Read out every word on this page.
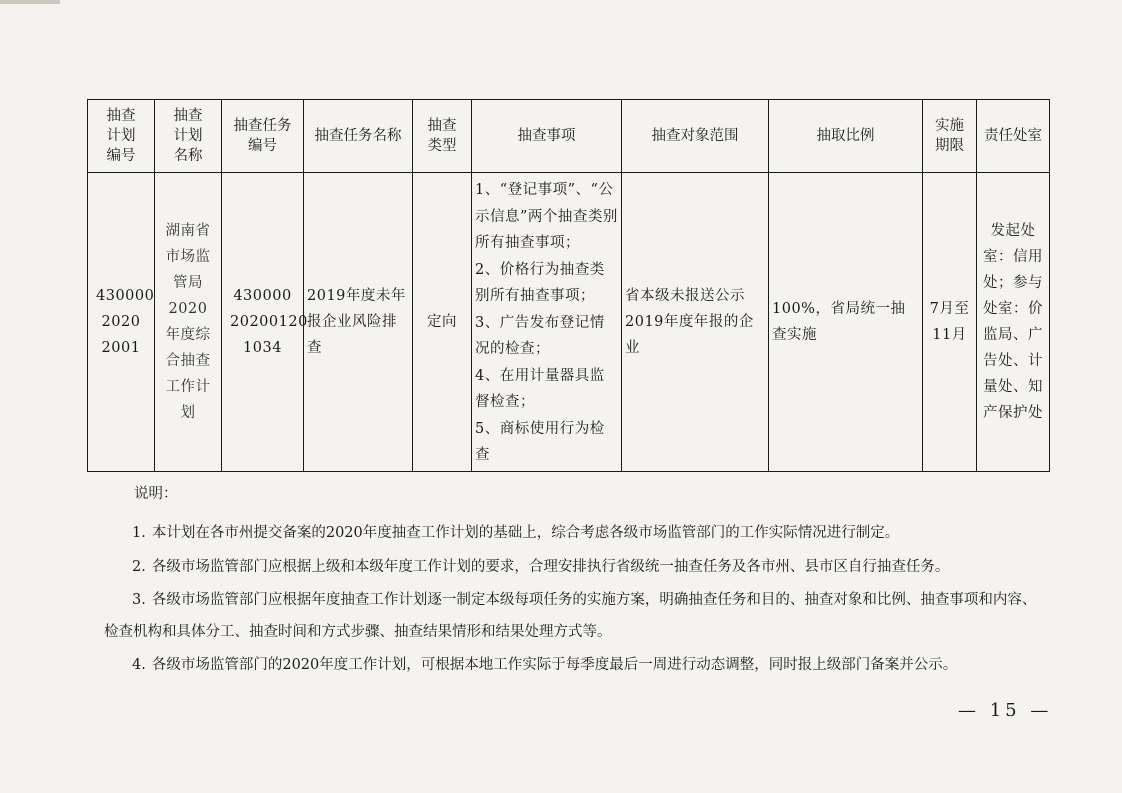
抽查计划编号	抽查计划名称	抽查任务编号	抽查任务名称	抽查类型	抽查事项	抽查对象范围	抽取比例	实施期限	责任处室
430000 2020 2001	湖南省市场监管局2020年度综合抽查工作计划	430000 20200120 1034	2019年度未年报企业风险排查	定向	1、“登记事项”、“公示信息”两个抽查类别所有抽查事项；
2、价格行为抽查类别所有抽查事项；
3、广告发布登记情况的检查；
4、在用计量器具监督检查；
5、商标使用行为检查	省本级未报送公示2019年度年报的企业	100%，省局统一抽查实施	7月至11月	发起处室：信用处；参与处室：价监局、广告处、计量处、知产保护处
说明：

1. 本计划在各市州提交备案的2020年度抽查工作计划的基础上，综合考虑各级市场监管部门的工作实际情况进行制定。

2. 各级市场监管部门应根据上级和本级年度工作计划的要求，合理安排执行省级统一抽查任务及各市州、县市区自行抽查任务。

3. 各级市场监管部门应根据年度抽查工作计划逐一制定本级每项任务的实施方案，明确抽查任务和目的、抽查对象和比例、抽查事项和内容、检查机构和具体分工、抽查时间和方式步骤、抽查结果情形和结果处理方式等。

4. 各级市场监管部门的2020年度工作计划，可根据本地工作实际于每季度最后一周进行动态调整，同时报上级部门备案并公示。

— 15 —
